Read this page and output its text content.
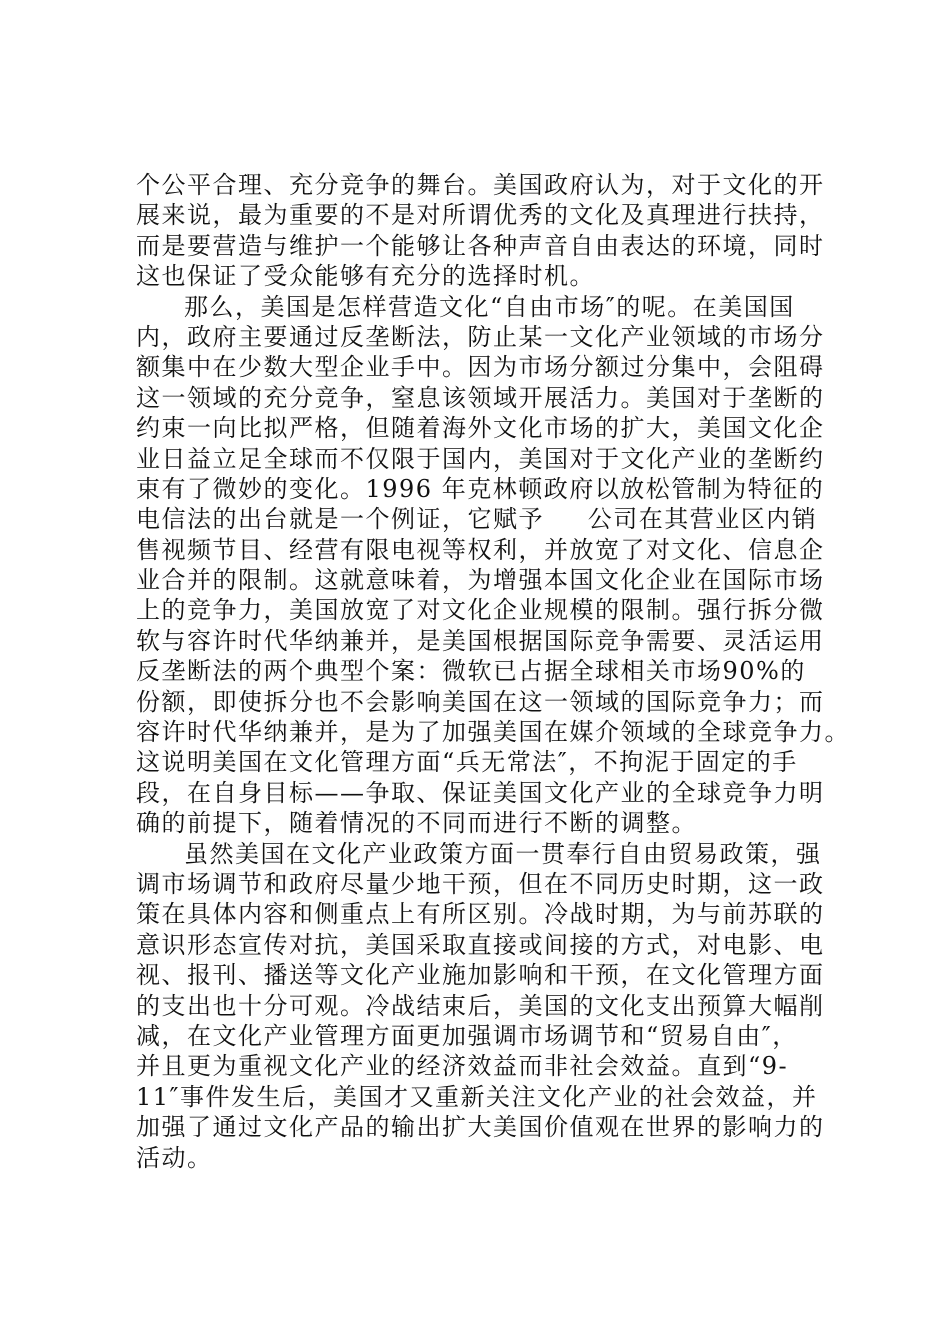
个公平合理、充分竞争的舞台。美国政府认为，对于文化的开
展来说，最为重要的不是对所谓优秀的文化及真理进行扶持，
而是要营造与维护一个能够让各种声音自由表达的环境，同时
这也保证了受众能够有充分的选择时机。
那么，美国是怎样营造文化“自由市场″的呢。在美国国
内，政府主要通过反垄断法，防止某一文化产业领域的市场分
额集中在少数大型企业手中。因为市场分额过分集中，会阻碍
这一领域的充分竞争，窒息该领域开展活力。美国对于垄断的
约束一向比拟严格，但随着海外文化市场的扩大，美国文化企
业日益立足全球而不仅限于国内，美国对于文化产业的垄断约
束有了微妙的变化。1996 年克林顿政府以放松管制为特征的
电信法的出台就是一个例证，它赋予 　 公司在其营业区内销
售视频节目、经营有限电视等权利，并放宽了对文化、信息企
业合并的限制。这就意味着，为增强本国文化企业在国际市场
上的竞争力，美国放宽了对文化企业规模的限制。强行拆分微
软与容许时代华纳兼并，是美国根据国际竞争需要、灵活运用
反垄断法的两个典型个案：微软已占据全球相关市场90%的
份额，即使拆分也不会影响美国在这一领域的国际竞争力；而
容许时代华纳兼并，是为了加强美国在媒介领域的全球竞争力。
这说明美国在文化管理方面“兵无常法″，不拘泥于固定的手
段，在自身目标——争取、保证美国文化产业的全球竞争力明
确的前提下，随着情况的不同而进行不断的调整。
虽然美国在文化产业政策方面一贯奉行自由贸易政策，强
调市场调节和政府尽量少地干预，但在不同历史时期，这一政
策在具体内容和侧重点上有所区别。冷战时期，为与前苏联的
意识形态宣传对抗，美国采取直接或间接的方式，对电影、电
视、报刊、播送等文化产业施加影响和干预，在文化管理方面
的支出也十分可观。冷战结束后，美国的文化支出预算大幅削
减，在文化产业管理方面更加强调市场调节和“贸易自由″，
并且更为重视文化产业的经济效益而非社会效益。直到“9-
11″事件发生后，美国才又重新关注文化产业的社会效益，并
加强了通过文化产品的输出扩大美国价值观在世界的影响力的
活动。
